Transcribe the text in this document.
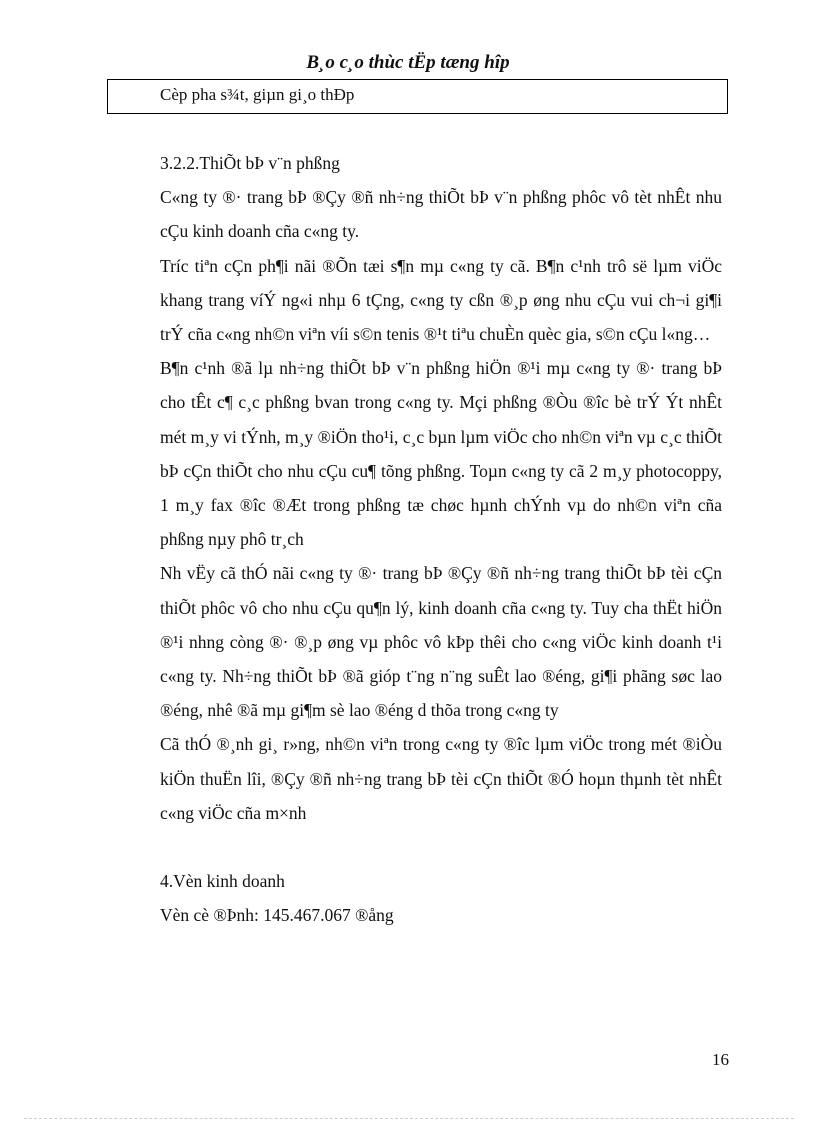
B¸o c¸o thùc tËp tæng hîp
Cèp pha s¾t, giµn gi¸o thÐp

3.2.2.ThiÕt bÞ v¨n phßng

C«ng ty ®· trang bÞ ®Çy ®ñ nh÷ng thiÕt bÞ v¨n phßng phôc vô tèt nhÊt nhu cÇu kinh doanh cña c«ng ty.

Tríc tiªn cÇn ph¶i nãi ®Õn tæi s¶n mµ c«ng ty cã. B¶n c¹nh trô së lµm viÖc khang trang víÝ ng«i nhµ 6 tÇng, c«ng ty cßn ®¸p øng nhu cÇu vui ch¬i gi¶i trÝ cña c«ng nh©n viªn víi s©n tenis ®¹t tiªu chuÈn quèc gia, s©n cÇu l«ng…

B¶n c¹nh ®ã lµ nh÷ng thiÕt bÞ v¨n phßng hiÖn ®¹i mµ c«ng ty ®· trang bÞ cho tÊt c¶ c¸c phßng bvan trong c«ng ty. Mçi phßng ®Òu ®îc bè trÝ Ýt nhÊt mét m¸y vi tÝnh, m¸y ®iÖn tho¹i, c¸c bµn lµm viÖc cho nh©n viªn vµ c¸c thiÕt bÞ cÇn thiÕt cho nhu cÇu cu¶ tõng phßng. Toµn c«ng ty cã 2 m¸y photocoppy, 1 m¸y fax ®îc ®Æt trong phßng tæ chøc hµnh chÝnh vµ do nh©n viªn cña phßng nµy phô tr¸ch

Nh vËy cã thÓ nãi c«ng ty ®· trang bÞ ®Çy ®ñ nh÷ng trang thiÕt bÞ tèi cÇn thiÕt phôc vô cho nhu cÇu qu¶n lý, kinh doanh cña c«ng ty. Tuy cha thËt hiÖn ®¹i nhng còng ®· ®¸p øng vµ phôc vô kÞp thêi cho c«ng viÖc kinh doanh t¹i c«ng ty. Nh÷ng thiÕt bÞ ®ã gióp t¨ng n¨ng suÊt lao ®éng, gi¶i phãng søc lao ®éng, nhê ®ã mµ gi¶m sè lao ®éng d thõa trong c«ng ty

Cã thÓ ®¸nh gi¸ r»ng, nh©n viªn trong c«ng ty ®îc lµm viÖc trong mét ®iÒu kiÖn thuËn lîi, ®Çy ®ñ nh÷ng trang bÞ tèi cÇn thiÕt ®Ó hoµn thµnh tèt nhÊt c«ng viÖc cña m×nh

4.Vèn kinh doanh

Vèn cè ®Þnh: 145.467.067 ®ång

16
